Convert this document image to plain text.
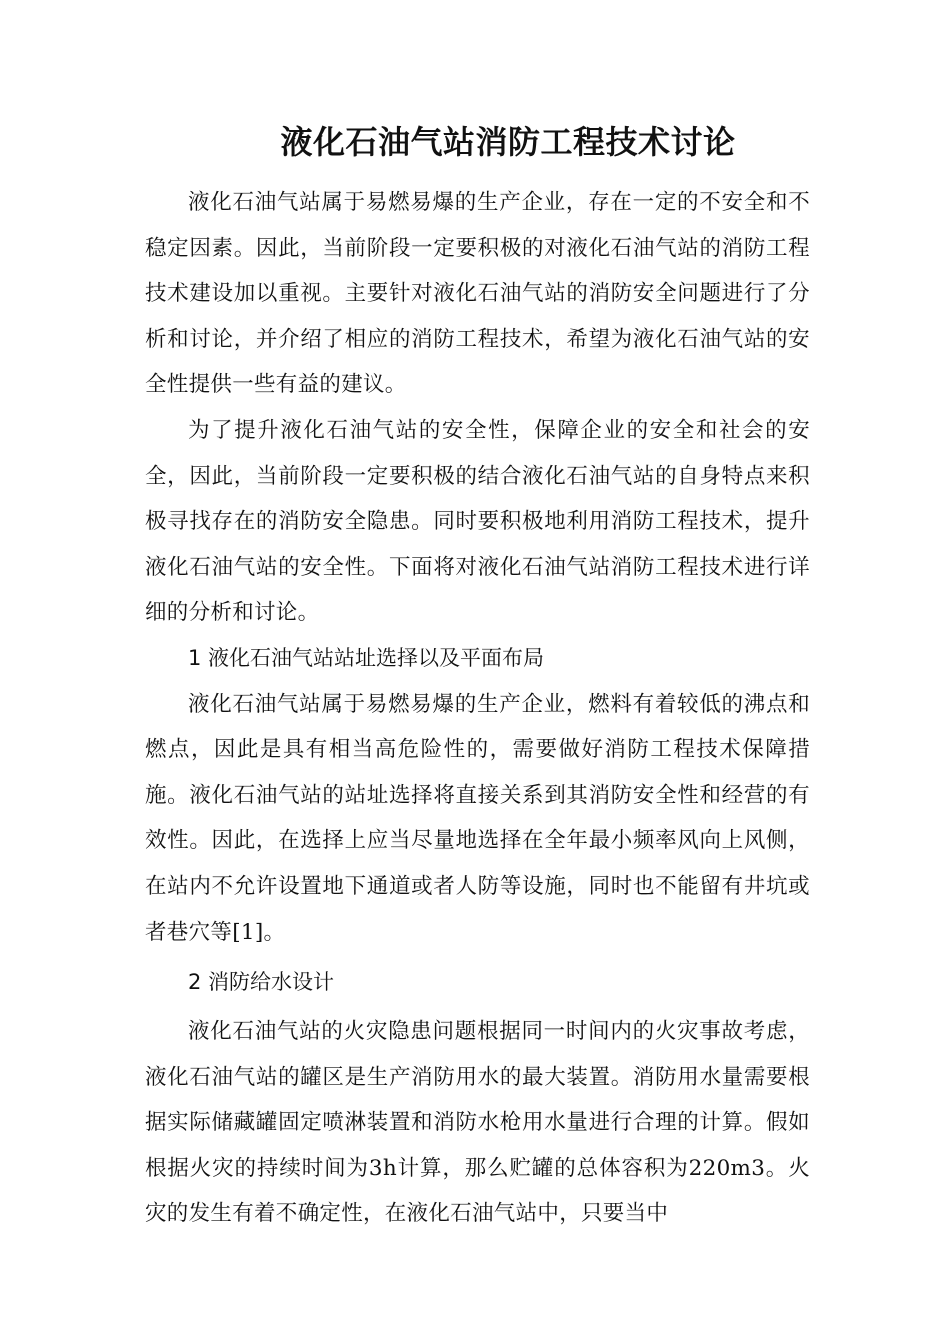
液化石油气站消防工程技术讨论

液化石油气站属于易燃易爆的生产企业，存在一定的不安全和不稳定因素。因此，当前阶段一定要积极的对液化石油气站的消防工程技术建设加以重视。主要针对液化石油气站的消防安全问题进行了分析和讨论，并介绍了相应的消防工程技术，希望为液化石油气站的安全性提供一些有益的建议。

为了提升液化石油气站的安全性，保障企业的安全和社会的安全，因此，当前阶段一定要积极的结合液化石油气站的自身特点来积极寻找存在的消防安全隐患。同时要积极地利用消防工程技术，提升液化石油气站的安全性。下面将对液化石油气站消防工程技术进行详细的分析和讨论。

1 液化石油气站站址选择以及平面布局

液化石油气站属于易燃易爆的生产企业，燃料有着较低的沸点和燃点，因此是具有相当高危险性的，需要做好消防工程技术保障措施。液化石油气站的站址选择将直接关系到其消防安全性和经营的有效性。因此，在选择上应当尽量地选择在全年最小频率风向上风侧，在站内不允许设置地下通道或者人防等设施，同时也不能留有井坑或者巷穴等[1]。

2 消防给水设计

液化石油气站的火灾隐患问题根据同一时间内的火灾事故考虑，液化石油气站的罐区是生产消防用水的最大装置。消防用水量需要根据实际储藏罐固定喷淋装置和消防水枪用水量进行合理的计算。假如根据火灾的持续时间为3h计算，那么贮罐的总体容积为220m3。火灾的发生有着不确定性，在液化石油气站中，只要当中
